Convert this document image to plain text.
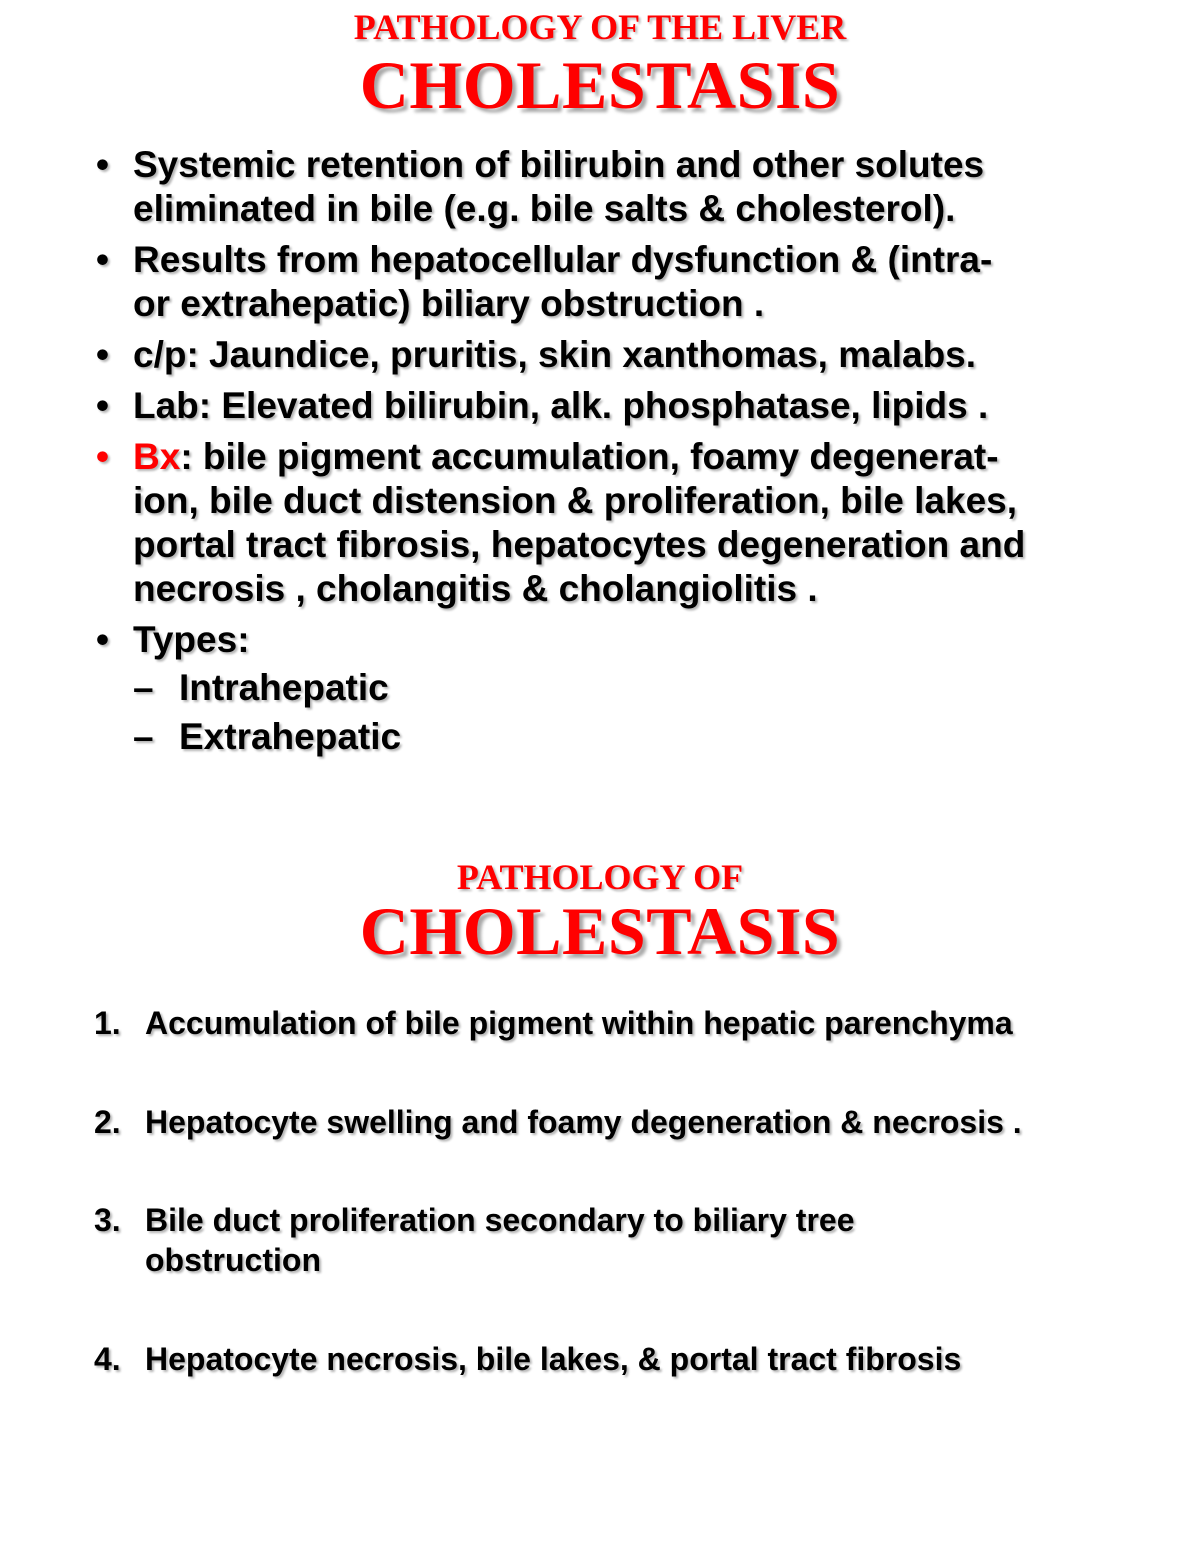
PATHOLOGY OF THE LIVER
CHOLESTASIS
• Systemic retention of bilirubin and other solutes
eliminated in bile (e.g. bile salts & cholesterol).
• Results from hepatocellular dysfunction & (intra-
or extrahepatic) biliary obstruction .
• c/p: Jaundice, pruritis, skin xanthomas, malabs.
• Lab: Elevated bilirubin, alk. phosphatase, lipids .
• Bx: bile pigment accumulation, foamy degenerat-
ion, bile duct distension & proliferation, bile lakes,
portal tract fibrosis, hepatocytes degeneration and
necrosis , cholangitis & cholangiolitis .
• Types:
– Intrahepatic
– Extrahepatic
PATHOLOGY OF
CHOLESTASIS
1. Accumulation of bile pigment within hepatic parenchyma
2. Hepatocyte swelling and foamy degeneration & necrosis .
3. Bile duct proliferation secondary to biliary tree
obstruction
4. Hepatocyte necrosis, bile lakes, & portal tract fibrosis
